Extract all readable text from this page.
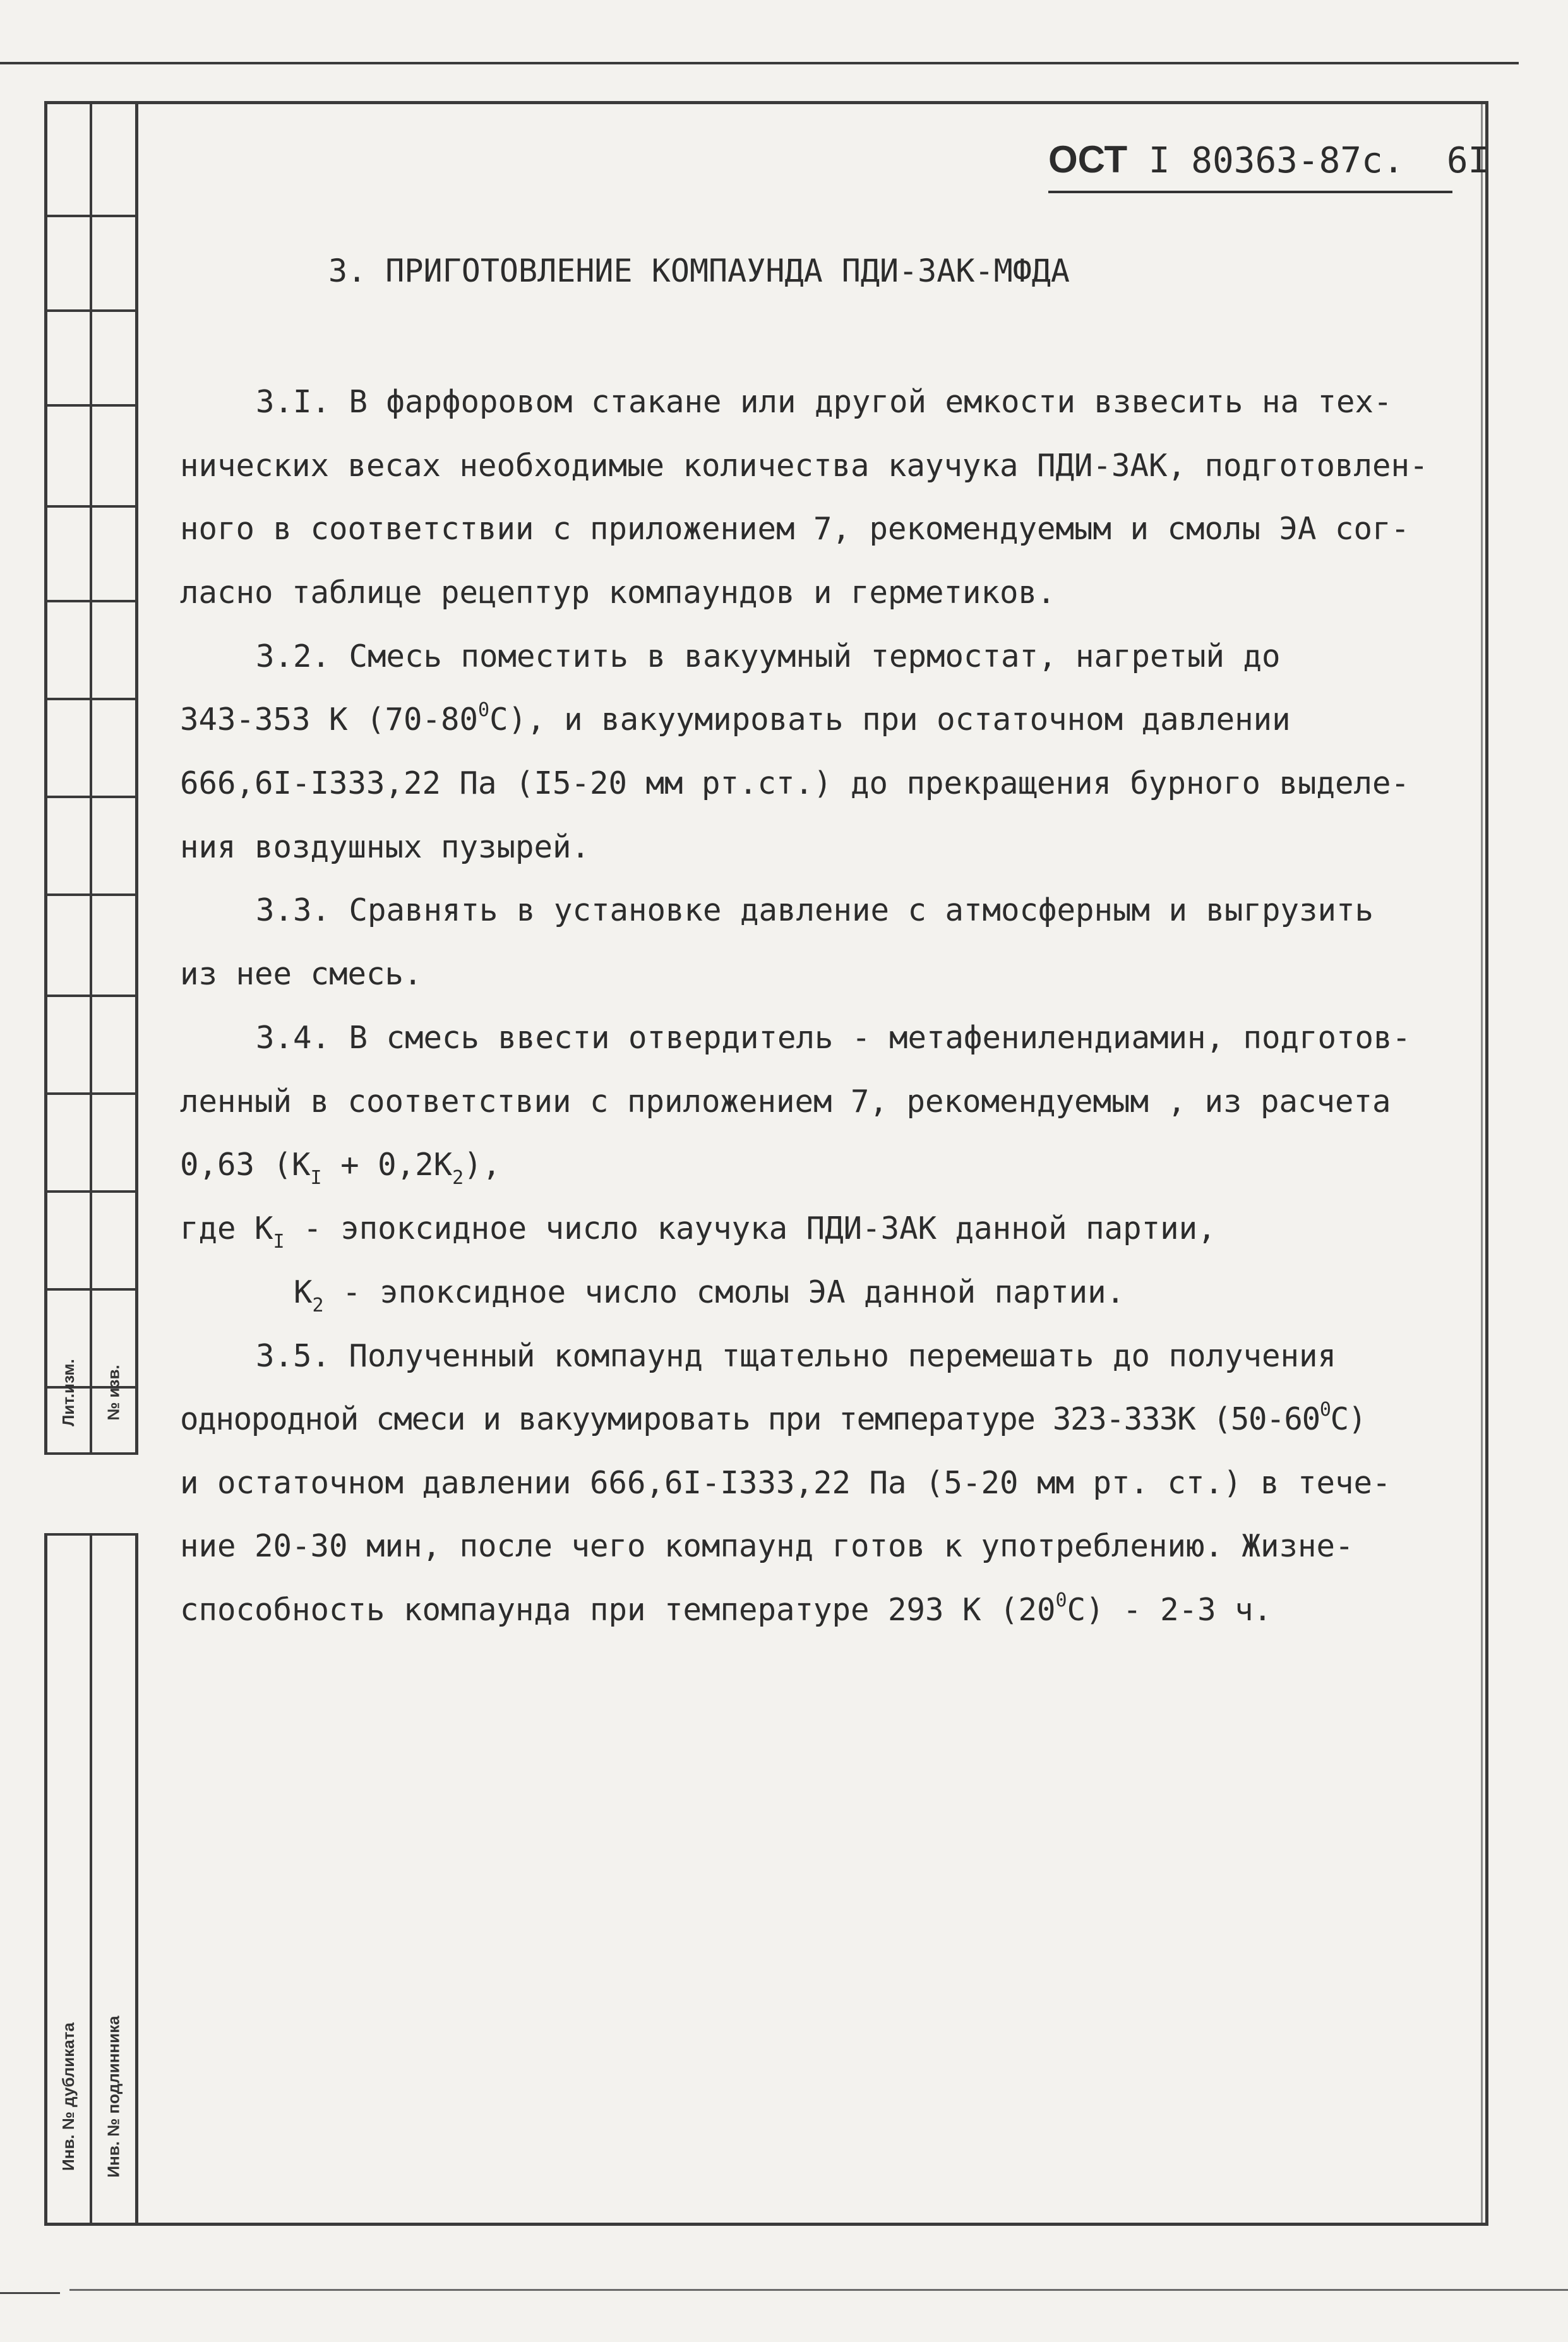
Лит.изм. № изв.
Инв. № дубликата Инв. № подлинника
ОСТ I 80363-87с. 6I
3. ПРИГОТОВЛЕНИЕ КОМПАУНДА ПДИ-ЗАК-МФДА
3.I. В фарфоровом стакане или другой емкости взвесить на тех-
нических весах необходимые количества каучука ПДИ-ЗАК, подготовлен-
ного в соответствии с приложением 7, рекомендуемым и смолы ЭА сог-
ласно таблице рецептур компаундов и герметиков.
3.2. Смесь поместить в вакуумный термостат, нагретый до
343-353 К $(70-80^0С)$, и вакуумировать при остаточном давлении
666,6I-I333,22 Па (I5-20 мм рт.ст.) до прекращения бурного выделе-
ния воздушных пузырей.
3.3. Сравнять в установке давление с атмосферным и выгрузить
из нее смесь.
3.4. В смесь ввести отвердитель - метафенилендиамин, подготов-
ленный в соответствии с приложением 7, рекомендуемым , из расчета
0,63 $(К_I + 0,2К_2)$,
где $К_I$ - эпоксидное число каучука ПДИ-ЗАК данной партии,
$К_2$ - эпоксидное число смолы ЭА данной партии.
3.5. Полученный компаунд тщательно перемешать до получения
однородной смеси и вакуумировать при температуре 323-333К $(50-60^0С)$
и остаточном давлении 666,6I-I333,22 Па (5-20 мм рт. ст.) в тече-
ние 20-30 мин, после чего компаунд готов к употреблению. Жизне-
способность компаунда при температуре 293 К $(20^0С) - 2-3$ ч.
